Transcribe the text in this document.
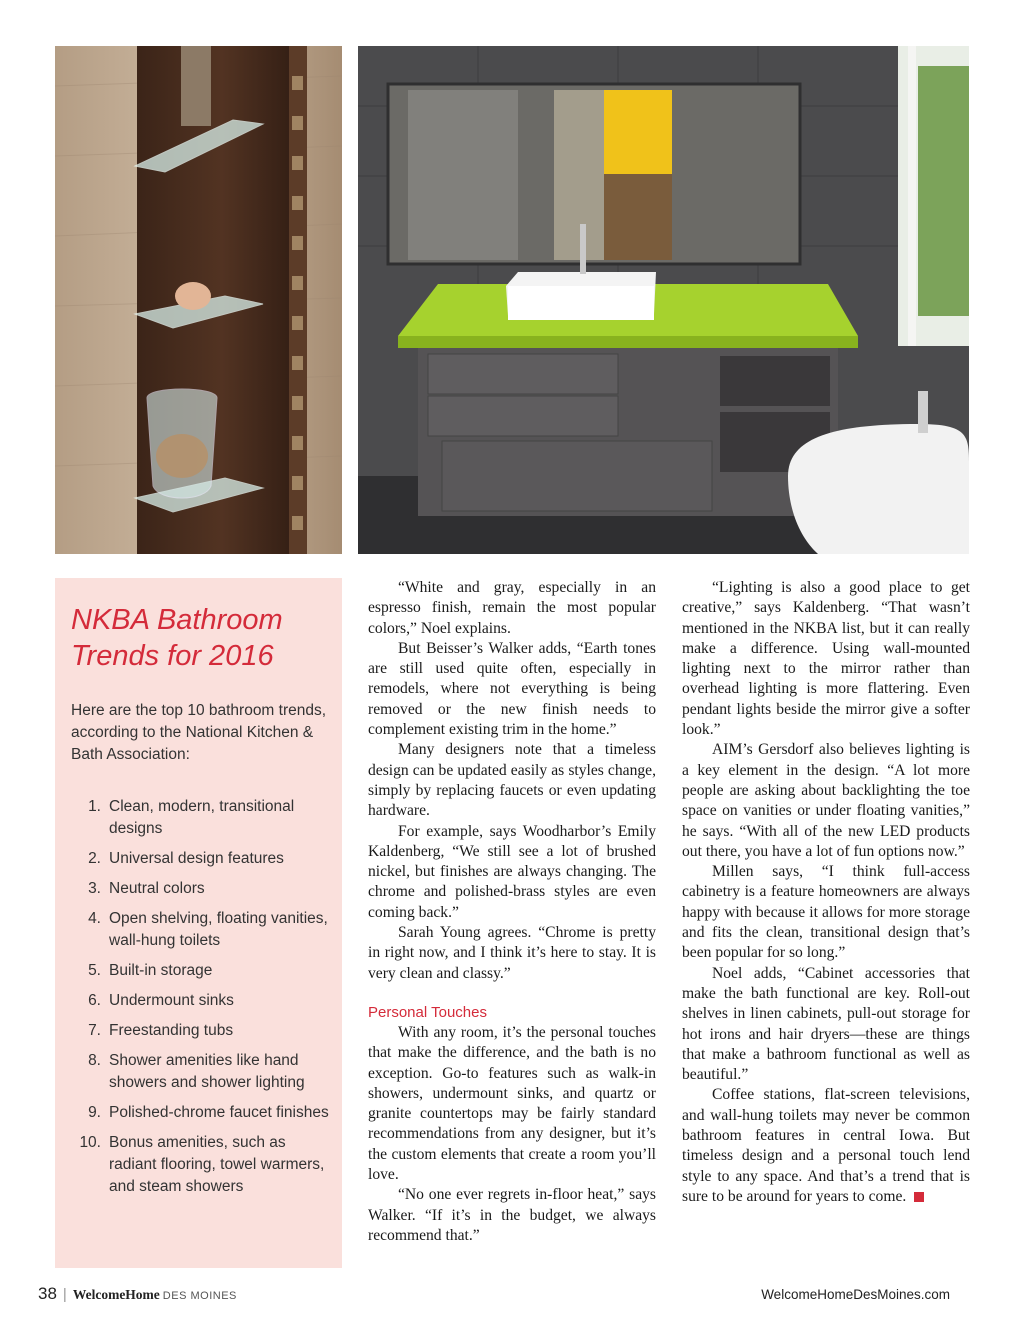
NKBA Bathroom
Trends for 2016

Here are the top 10 bathroom trends, according to the National Kitchen & Bath Association:

1. Clean, modern, transitional designs
2. Universal design features
3. Neutral colors
4. Open shelving, floating vanities, wall-hung toilets
5. Built-in storage
6. Undermount sinks
7. Freestanding tubs
8. Shower amenities like hand showers and shower lighting
9. Polished-chrome faucet finishes
10. Bonus amenities, such as radiant flooring, towel warmers, and steam showers

“White and gray, especially in an espresso finish, remain the most popular colors,” Noel explains.

But Beisser’s Walker adds, “Earth tones are still used quite often, especially in remodels, where not everything is being removed or the new finish needs to complement existing trim in the home.”

Many designers note that a timeless design can be updated easily as styles change, simply by replacing faucets or even updating hardware.

For example, says Woodharbor’s Emily Kaldenberg, “We still see a lot of brushed nickel, but finishes are always changing. The chrome and polished-brass styles are even coming back.”

Sarah Young agrees. “Chrome is pretty in right now, and I think it’s here to stay. It is very clean and classy.”

Personal Touches

With any room, it’s the personal touches that make the difference, and the bath is no exception. Go-to features such as walk-in showers, undermount sinks, and quartz or granite countertops may be fairly standard recommendations from any designer, but it’s the custom elements that create a room you’ll love.

“No one ever regrets in-floor heat,” says Walker. “If it’s in the budget, we always recommend that.”

“Lighting is also a good place to get creative,” says Kaldenberg. “That wasn’t mentioned in the NKBA list, but it can really make a difference. Using wall-mounted lighting next to the mirror rather than overhead lighting is more flattering. Even pendant lights beside the mirror give a softer look.”

AIM’s Gersdorf also believes lighting is a key element in the design. “A lot more people are asking about backlighting the toe space on vanities or under floating vanities,” he says. “With all of the new LED products out there, you have a lot of fun options now.”

Millen says, “I think full-access cabinetry is a feature homeowners are always happy with because it allows for more storage and fits the clean, transitional design that’s been popular for so long.”

Noel adds, “Cabinet accessories that make the bath functional are key. Roll-out shelves in linen cabinets, pull-out storage for hot irons and hair dryers—these are things that make a bathroom functional as well as beautiful.”

Coffee stations, flat-screen televisions, and wall-hung toilets may never be common bathroom features in central Iowa. But timeless design and a personal touch lend style to any space. And that’s a trend that is sure to be around for years to come.

38 | WelcomeHome DES MOINES	WelcomeHomeDesMoines.com
